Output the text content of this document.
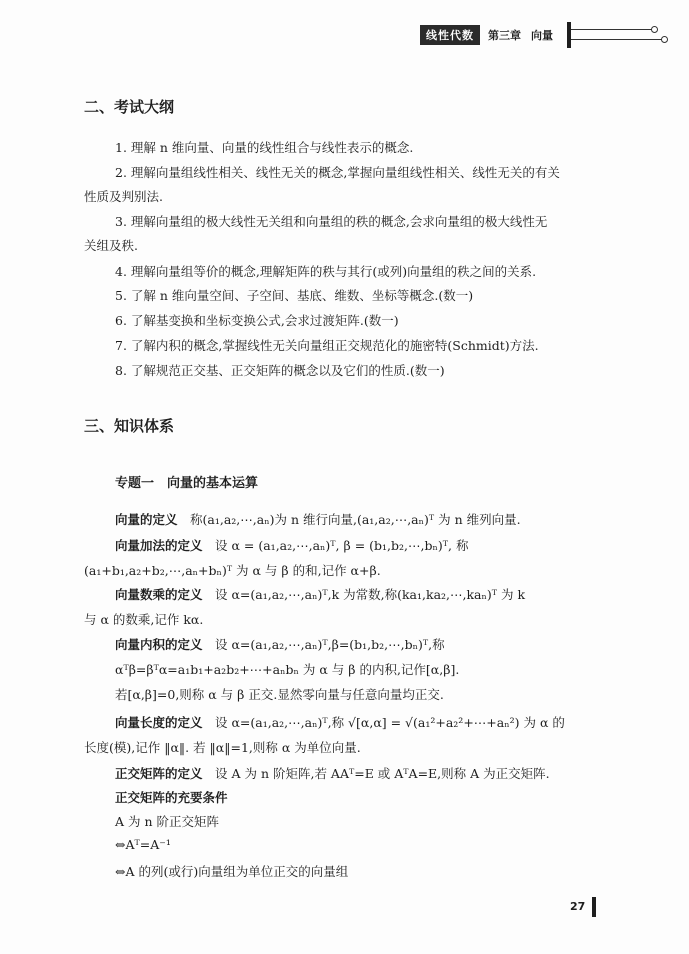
线性代数	第三章 向量
二、考试大纲
1. 理解 n 维向量、向量的线性组合与线性表示的概念.
2. 理解向量组线性相关、线性无关的概念,掌握向量组线性相关、线性无关的有关
性质及判别法.
3. 理解向量组的极大线性无关组和向量组的秩的概念,会求向量组的极大线性无
关组及秩.
4. 理解向量组等价的概念,理解矩阵的秩与其行(或列)向量组的秩之间的关系.
5. 了解 n 维向量空间、子空间、基底、维数、坐标等概念.(数一)
6. 了解基变换和坐标变换公式,会求过渡矩阵.(数一)
7. 了解内积的概念,掌握线性无关向量组正交规范化的施密特(Schmidt)方法.
8. 了解规范正交基、正交矩阵的概念以及它们的性质.(数一)
三、知识体系
专题一　向量的基本运算
向量的定义　称(a₁,a₂,⋯,aₙ)为 n 维行向量,(a₁,a₂,⋯,aₙ)ᵀ 为 n 维列向量.
向量加法的定义　设 α = (a₁,a₂,⋯,aₙ)ᵀ, β = (b₁,b₂,⋯,bₙ)ᵀ, 称
(a₁+b₁,a₂+b₂,⋯,aₙ+bₙ)ᵀ 为 α 与 β 的和,记作 α+β.
向量数乘的定义　设 α=(a₁,a₂,⋯,aₙ)ᵀ,k 为常数,称(ka₁,ka₂,⋯,kaₙ)ᵀ 为 k
与 α 的数乘,记作 kα.
向量内积的定义　设 α=(a₁,a₂,⋯,aₙ)ᵀ,β=(b₁,b₂,⋯,bₙ)ᵀ,称
αᵀβ=βᵀα=a₁b₁+a₂b₂+⋯+aₙbₙ 为 α 与 β 的内积,记作[α,β].
若[α,β]=0,则称 α 与 β 正交.显然零向量与任意向量均正交.
向量长度的定义　设 α=(a₁,a₂,⋯,aₙ)ᵀ,称 √[α,α] = √(a₁²+a₂²+⋯+aₙ²) 为 α 的
长度(模),记作 ‖α‖. 若 ‖α‖=1,则称 α 为单位向量.
正交矩阵的定义　设 A 为 n 阶矩阵,若 AAᵀ=E 或 AᵀA=E,则称 A 为正交矩阵.
正交矩阵的充要条件
A 为 n 阶正交矩阵
⇔Aᵀ=A⁻¹
⇔A 的列(或行)向量组为单位正交的向量组
27
